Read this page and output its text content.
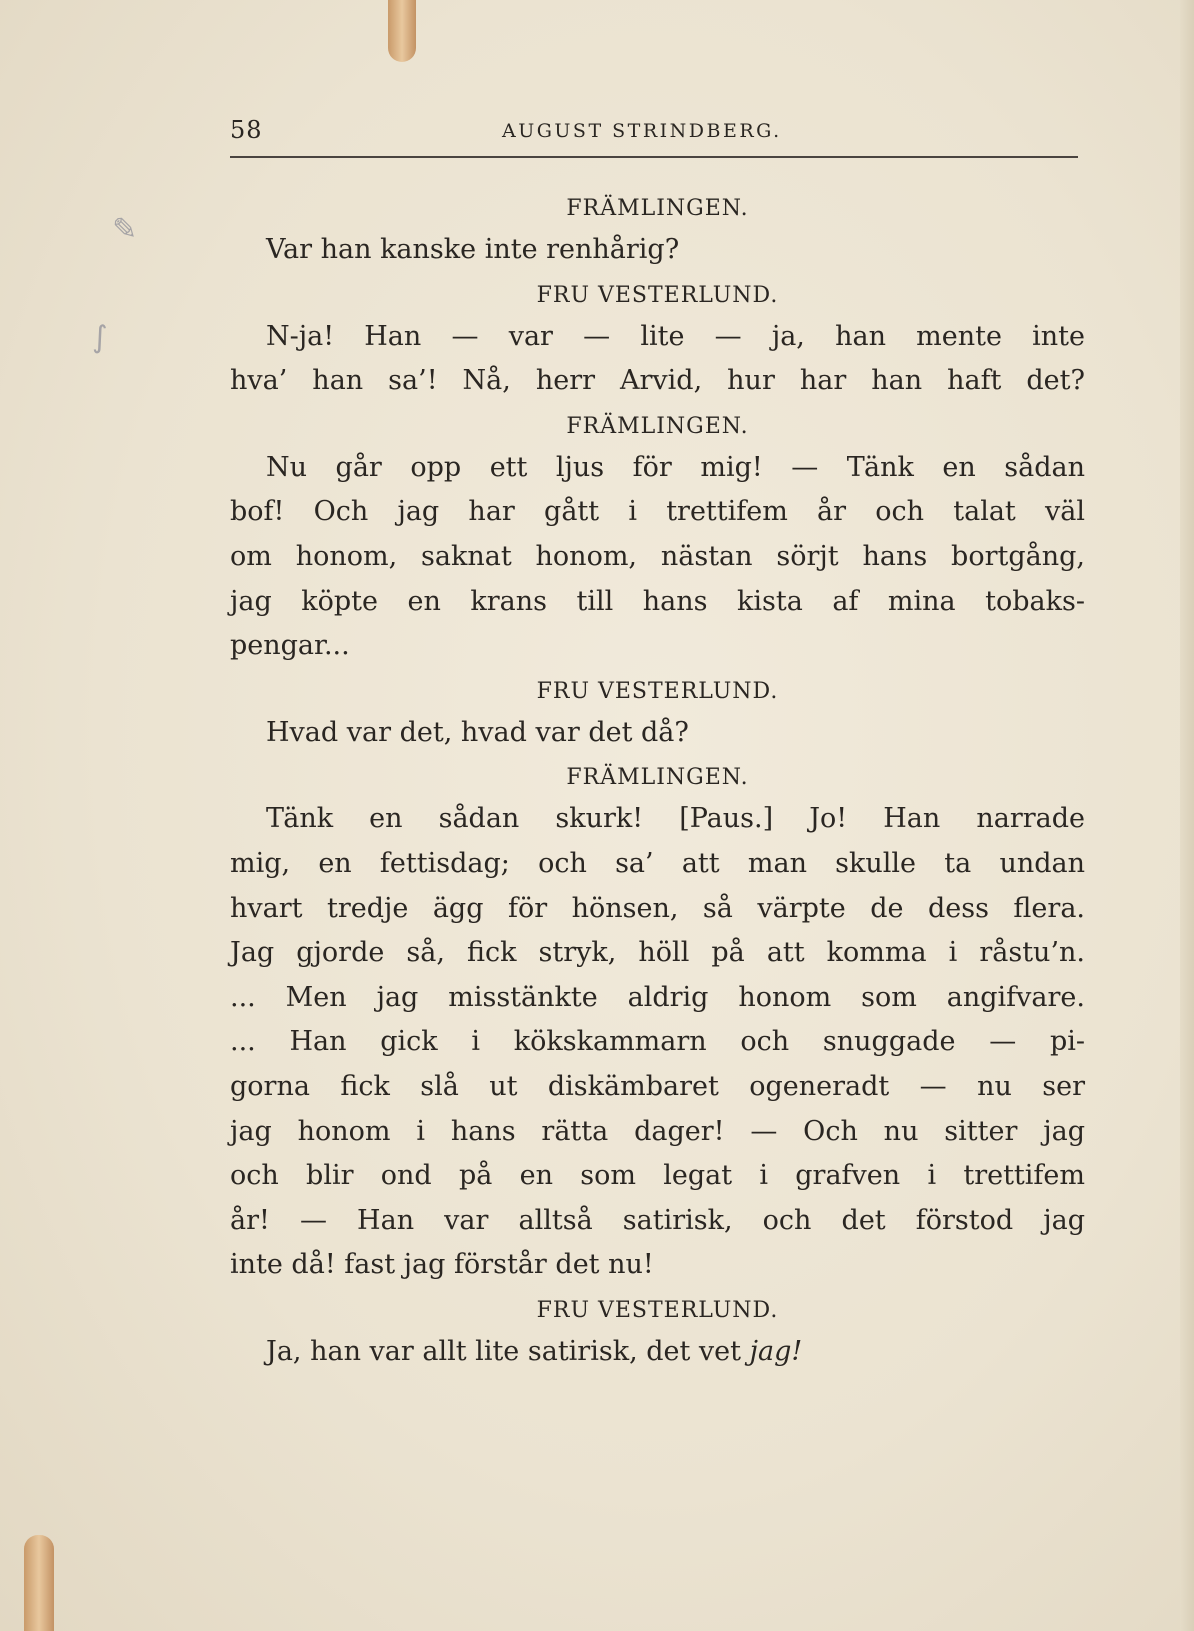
✎
∫
58	AUGUST STRINDBERG.
FRÄMLINGEN.
Var han kanske inte renhårig?
FRU VESTERLUND.
N-ja! Han — var — lite — ja, han mente inte
hva’ han sa’! Nå, herr Arvid, hur har han haft det?
FRÄMLINGEN.
Nu går opp ett ljus för mig! — Tänk en sådan
bof! Och jag har gått i trettifem år och talat väl
om honom, saknat honom, nästan sörjt hans bortgång,
jag köpte en krans till hans kista af mina tobaks-
pengar...
FRU VESTERLUND.
Hvad var det, hvad var det då?
FRÄMLINGEN.
Tänk en sådan skurk! [Paus.] Jo! Han narrade
mig, en fettisdag; och sa’ att man skulle ta undan
hvart tredje ägg för hönsen, så värpte de dess flera.
Jag gjorde så, fick stryk, höll på att komma i råstu’n.
... Men jag misstänkte aldrig honom som angifvare.
... Han gick i kökskammarn och snuggade — pi-
gorna fick slå ut diskämbaret ogeneradt — nu ser
jag honom i hans rätta dager! — Och nu sitter jag
och blir ond på en som legat i grafven i trettifem
år! — Han var alltså satirisk, och det förstod jag
inte då! fast jag förstår det nu!
FRU VESTERLUND.
Ja, han var allt lite satirisk, det vet jag!
